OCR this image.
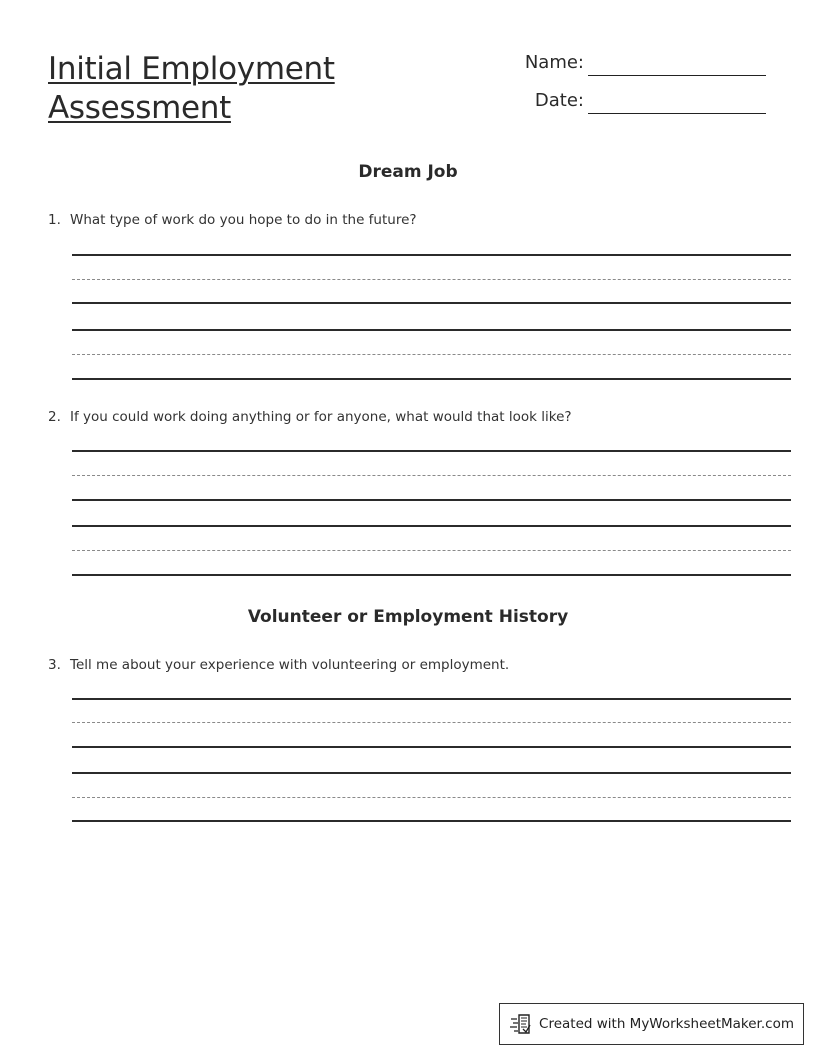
Initial Employment
Assessment
Name:
Date:
Dream Job
1. What type of work do you hope to do in the future?
2. If you could work doing anything or for anyone, what would that look like?
Volunteer or Employment History
3. Tell me about your experience with volunteering or employment.
Created with MyWorksheetMaker.com
